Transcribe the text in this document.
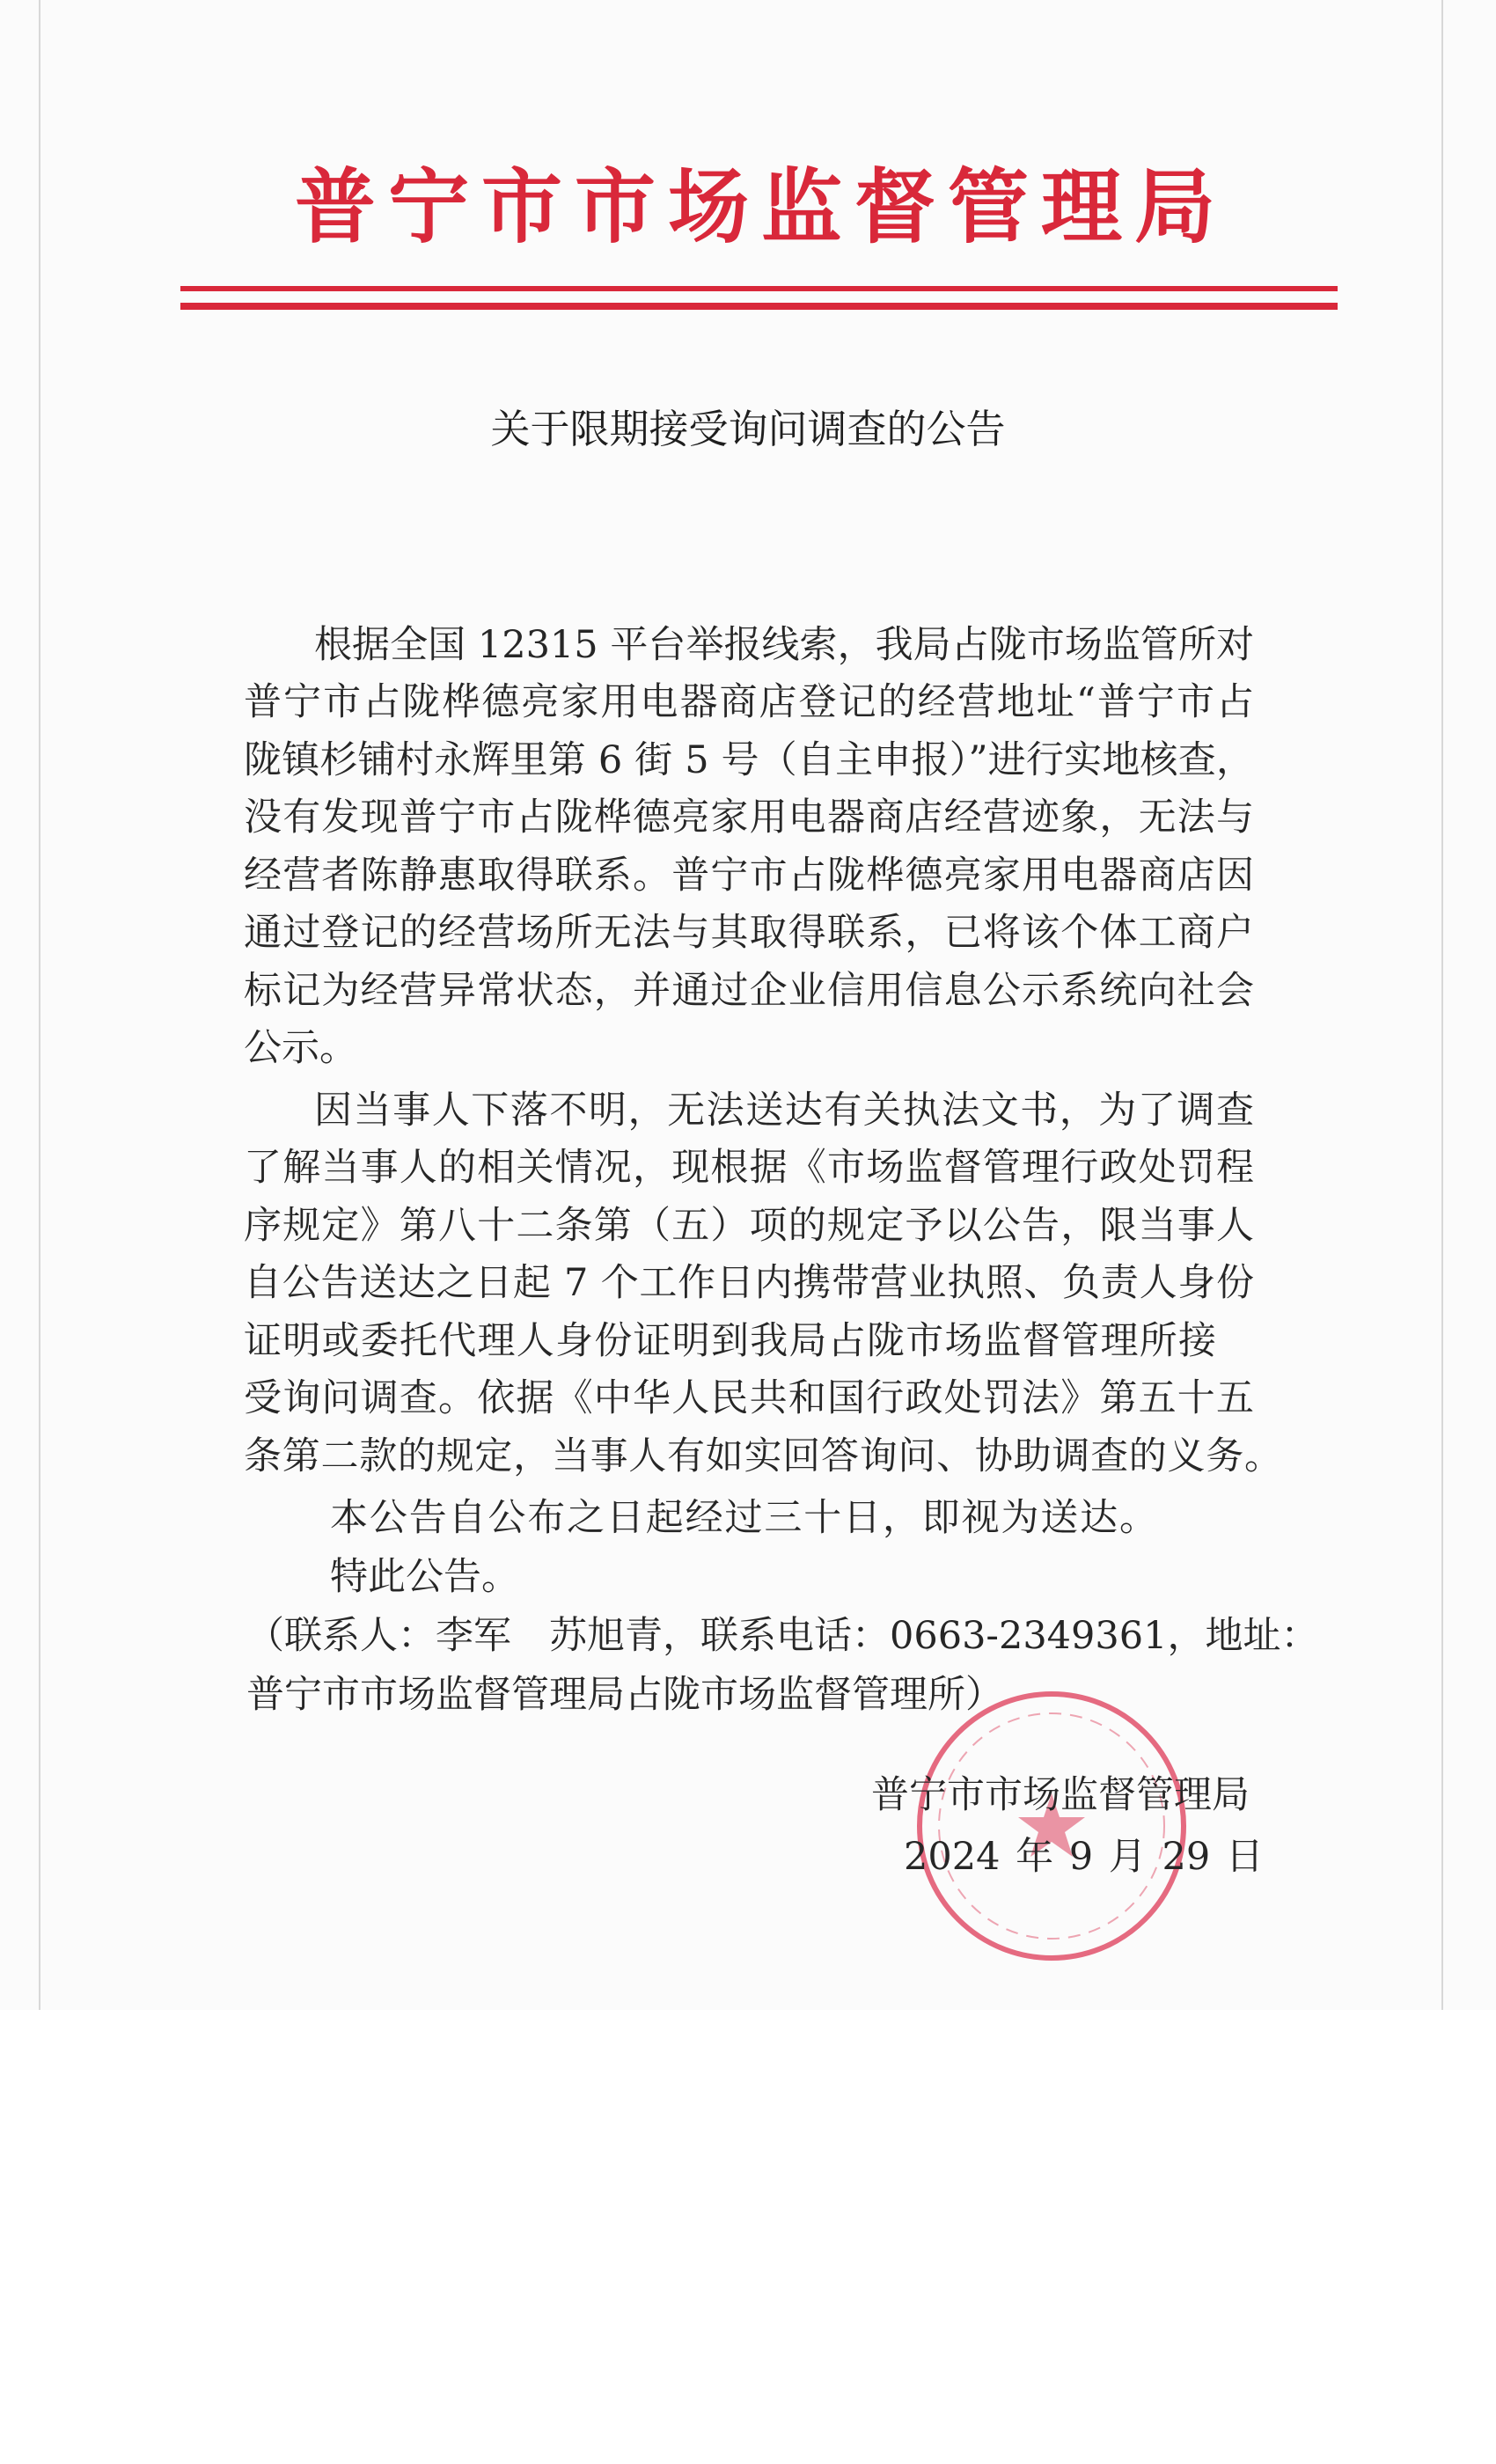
普宁市市场监督管理局
关于限期接受询问调查的公告
根据全国 12315 平台举报线索，我局占陇市场监管所对
普宁市占陇桦德亮家用电器商店登记的经营地址“普宁市占
陇镇杉铺村永辉里第 6 街 5 号（自主申报）”进行实地核查，
没有发现普宁市占陇桦德亮家用电器商店经营迹象，无法与
经营者陈静惠取得联系。普宁市占陇桦德亮家用电器商店因
通过登记的经营场所无法与其取得联系，已将该个体工商户
标记为经营异常状态，并通过企业信用信息公示系统向社会
公示。
因当事人下落不明，无法送达有关执法文书，为了调查
了解当事人的相关情况，现根据《市场监督管理行政处罚程
序规定》第八十二条第（五）项的规定予以公告，限当事人
自公告送达之日起 7 个工作日内携带营业执照、负责人身份
证明或委托代理人身份证明到我局占陇市场监督管理所接
受询问调查。依据《中华人民共和国行政处罚法》第五十五
条第二款的规定，当事人有如实回答询问、协助调查的义务。
本公告自公布之日起经过三十日，即视为送达。
特此公告。
（联系人：李军　苏旭青，联系电话：0663-2349361，地址：
普宁市市场监督管理局占陇市场监督管理所）
普宁市市场监督管理局
2024 年 9 月 29 日
